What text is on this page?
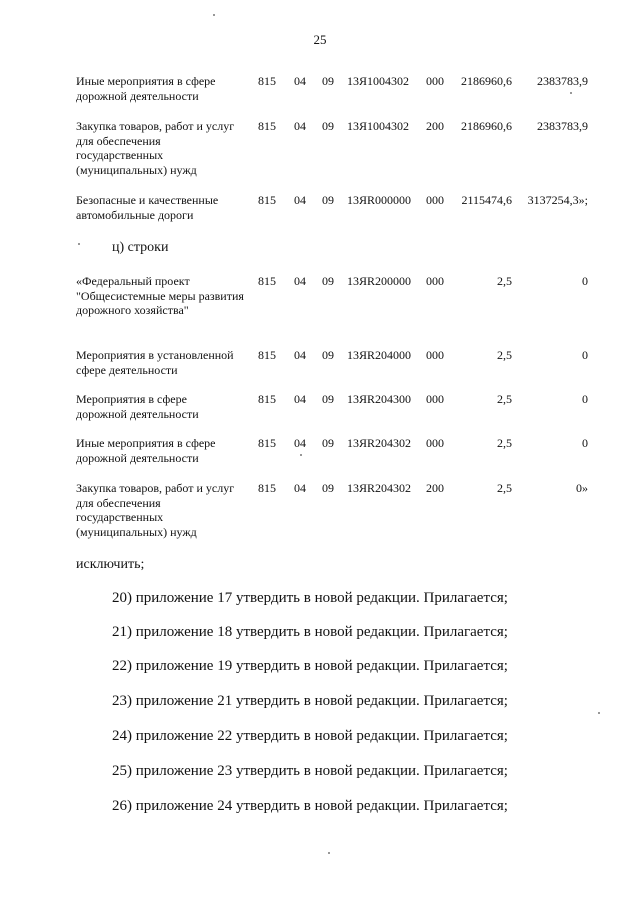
25
Иные мероприятия в сфере дорожной деятельности
815 04 09 13Я1004302 000 2186960,6 2383783,9
Закупка товаров, работ и услуг для обеспечения государственных (муниципальных) нужд
815 04 09 13Я1004302 200 2186960,6 2383783,9
Безопасные и качественные автомобильные дороги
815 04 09 13ЯR000000 000 2115474,6 3137254,3»;
ц) строки
«Федеральный проект "Общесистемные меры развития дорожного хозяйства"
815 04 09 13ЯR200000 000	2,5	0
Мероприятия в установленной сфере деятельности
815 04 09 13ЯR204000 000	2,5	0
Мероприятия в сфере дорожной деятельности
815 04 09 13ЯR204300 000	2,5	0
Иные мероприятия в сфере дорожной деятельности
815 04 09 13ЯR204302 000	2,5	0
Закупка товаров, работ и услуг для обеспечения государственных (муниципальных) нужд
815 04 09 13ЯR204302 200	2,5	0»
исключить;
20) приложение 17 утвердить в новой редакции. Прилагается;
21) приложение 18 утвердить в новой редакции. Прилагается;
22) приложение 19 утвердить в новой редакции. Прилагается;
23) приложение 21 утвердить в новой редакции. Прилагается;
24) приложение 22 утвердить в новой редакции. Прилагается;
25) приложение 23 утвердить в новой редакции. Прилагается;
26) приложение 24 утвердить в новой редакции. Прилагается;
